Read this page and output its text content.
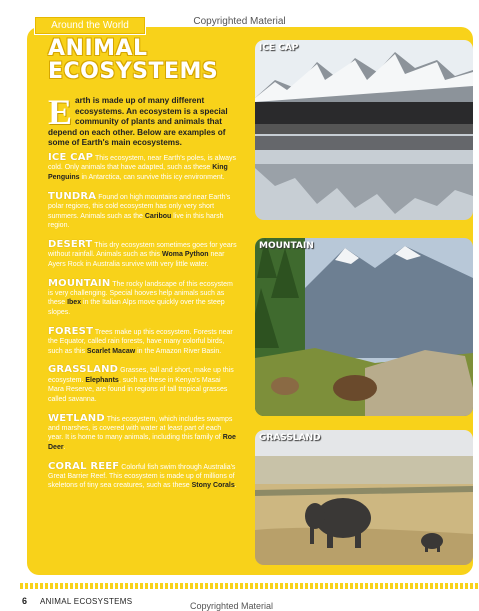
Copyrighted Material
Around the World
ANIMAL ECOSYSTEMS
Earth is made up of many different ecosystems. An ecosystem is a special community of plants and animals that depend on each other. Below are examples of some of Earth's main ecosystems.
ICE CAP This ecosystem, near Earth's poles, is always cold. Only animals that have adapted, such as these King Penguins in Antarctica, can survive this icy environment.
TUNDRA Found on high mountains and near Earth's polar regions, this cold ecosystem has only very short summers. Animals such as the Caribou live in this harsh region.
DESERT This dry ecosystem sometimes goes for years without rainfall. Animals such as this Woma Python near Ayers Rock in Australia survive with very little water.
MOUNTAIN The rocky landscape of this ecosystem is very challenging. Special hooves help animals such as these Ibex in the Italian Alps move quickly over the steep slopes.
FOREST Trees make up this ecosystem. Forests near the Equator, called rain forests, have many colorful birds, such as this Scarlet Macaw in the Amazon River Basin.
GRASSLAND Grasses, tall and short, make up this ecosystem. Elephants, such as these in Kenya's Masai Mara Reserve, are found in regions of tall tropical grasses called savanna.
WETLAND This ecosystem, which includes swamps and marshes, is covered with water at least part of each year. It is home to many animals, including this family of Roe Deer.
CORAL REEF Colorful fish swim through Australia's Great Barrier Reef. This ecosystem is made up of millions of skeletons of tiny sea creatures, such as these Stony Corals.
ICE CAP
MOUNTAIN
GRASSLAND
6 ANIMAL ECOSYSTEMS	Copyrighted Material
